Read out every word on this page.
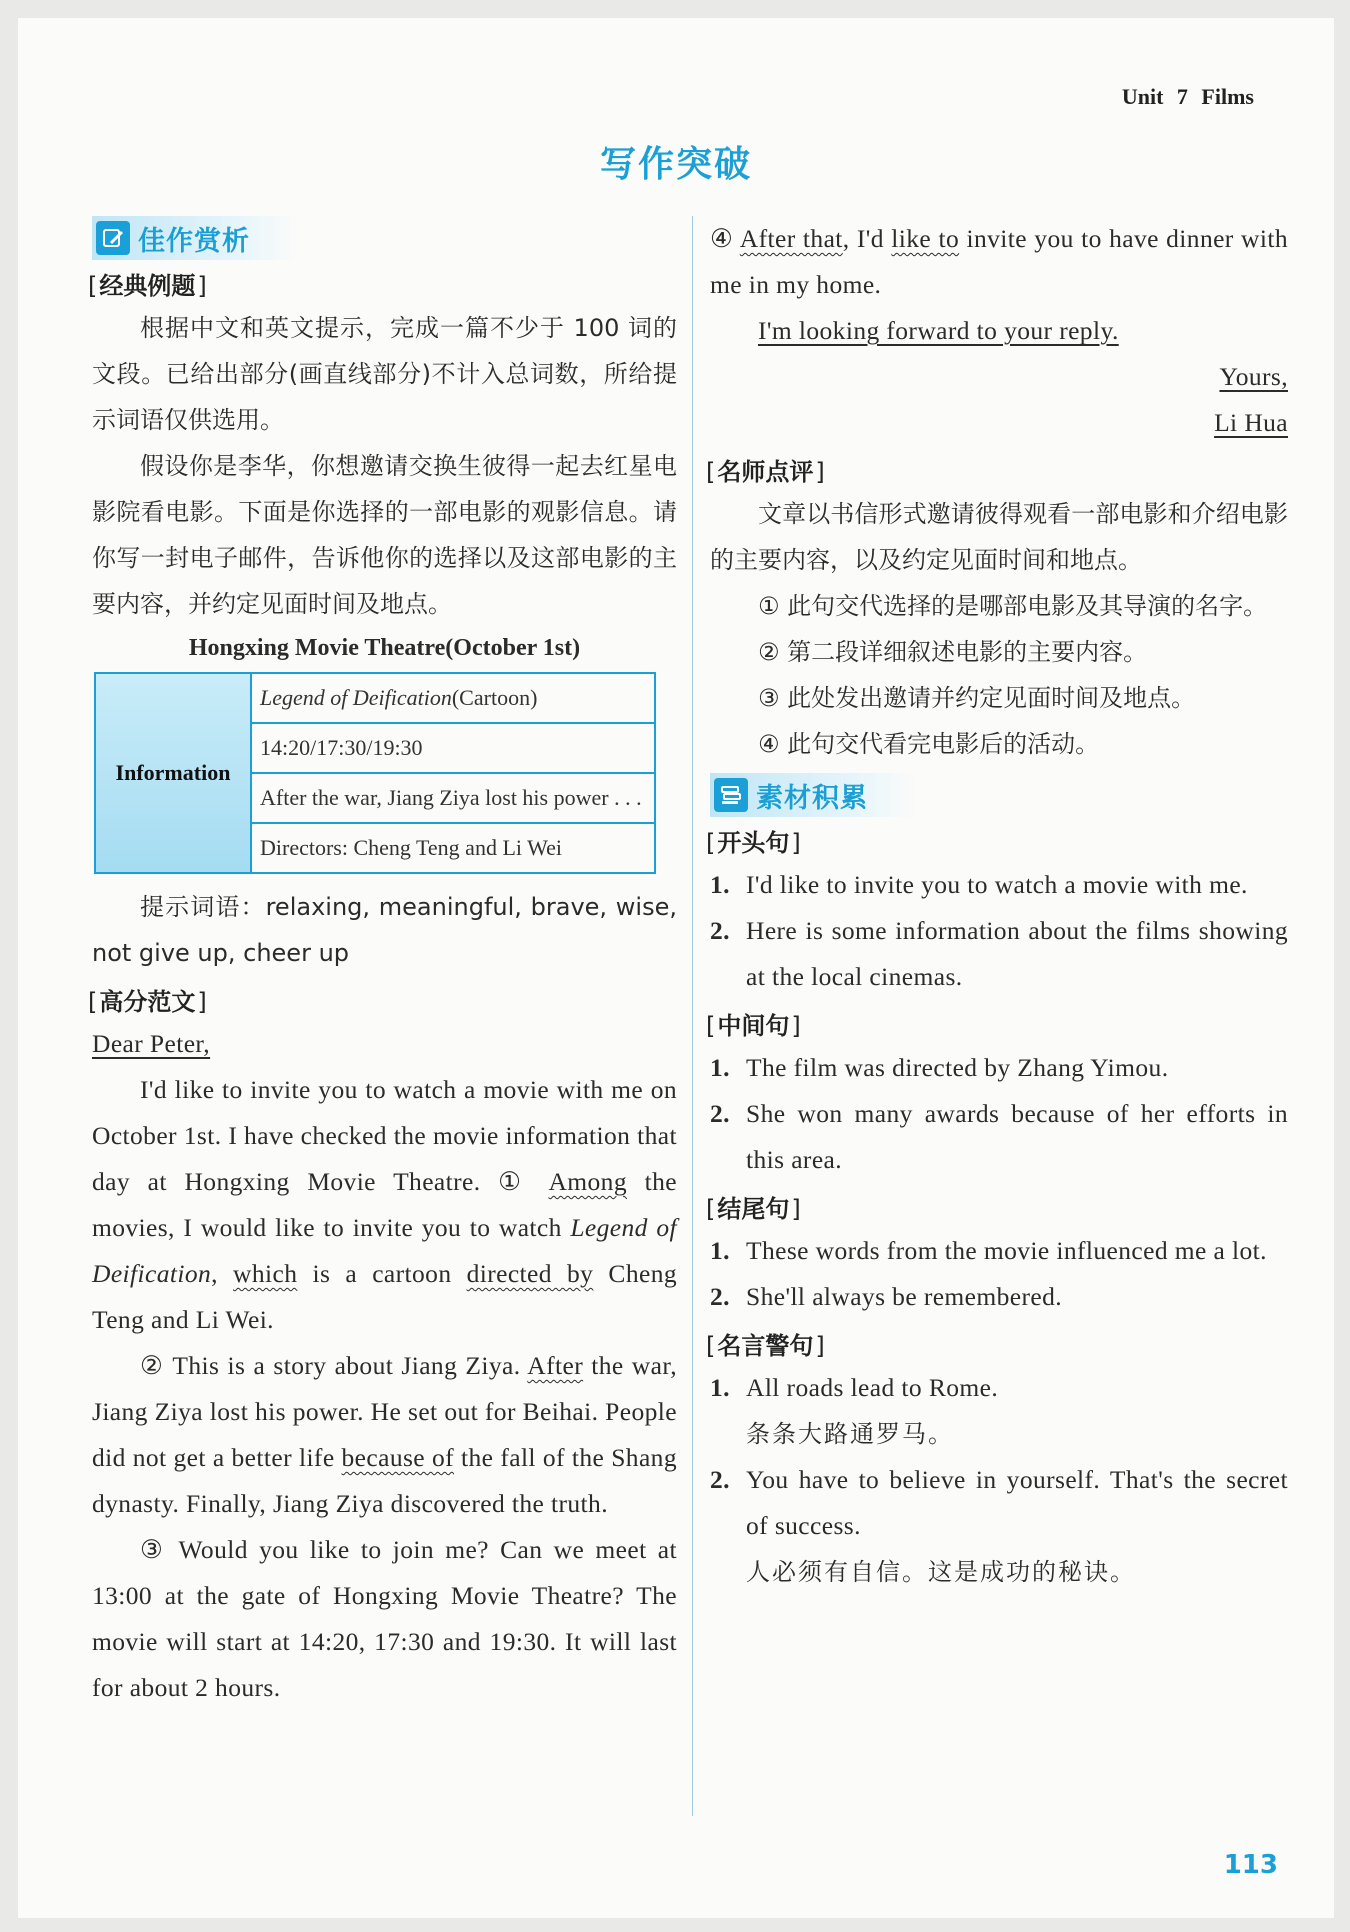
Unit 7 Films
写作突破
佳作赏析
[ 经典例题 ]
根据中文和英文提示，完成一篇不少于 100 词的文段。已给出部分(画直线部分)不计入总词数，所给提示词语仅供选用。
假设你是李华，你想邀请交换生彼得一起去红星电影院看电影。下面是你选择的一部电影的观影信息。请你写一封电子邮件，告诉他你的选择以及这部电影的主要内容，并约定见面时间及地点。
Hongxing Movie Theatre(October 1st)
Information	Legend of Deification(Cartoon)
14:20/17:30/19:30
After the war, Jiang Ziya lost his power . . .
Directors: Cheng Teng and Li Wei
提示词语：relaxing, meaningful, brave, wise, not give up, cheer up
[ 高分范文 ]
Dear Peter,
I'd like to invite you to watch a movie with me on October 1st. I have checked the movie information that day at Hongxing Movie Theatre. ① Among the movies, I would like to invite you to watch Legend of Deification, which is a cartoon directed by Cheng Teng and Li Wei.
② This is a story about Jiang Ziya. After the war, Jiang Ziya lost his power. He set out for Beihai. People did not get a better life because of the fall of the Shang dynasty. Finally, Jiang Ziya discovered the truth.
③ Would you like to join me? Can we meet at 13:00 at the gate of Hongxing Movie Theatre? The movie will start at 14:20, 17:30 and 19:30. It will last for about 2 hours.
④ After that, I'd like to invite you to have dinner with me in my home.
I'm looking forward to your reply.
Yours,
Li Hua
[ 名师点评 ]
文章以书信形式邀请彼得观看一部电影和介绍电影的主要内容，以及约定见面时间和地点。
① 此句交代选择的是哪部电影及其导演的名字。
② 第二段详细叙述电影的主要内容。
③ 此处发出邀请并约定见面时间及地点。
④ 此句交代看完电影后的活动。
素材积累
[ 开头句 ]
1. I'd like to invite you to watch a movie with me.
2. Here is some information about the films showing at the local cinemas.
[ 中间句 ]
1. The film was directed by Zhang Yimou.
2. She won many awards because of her efforts in this area.
[ 结尾句 ]
1. These words from the movie influenced me a lot.
2. She'll always be remembered.
[ 名言警句 ]
1. All roads lead to Rome.
条条大路通罗马。
2. You have to believe in yourself. That's the secret of success.
人必须有自信。这是成功的秘诀。
113
